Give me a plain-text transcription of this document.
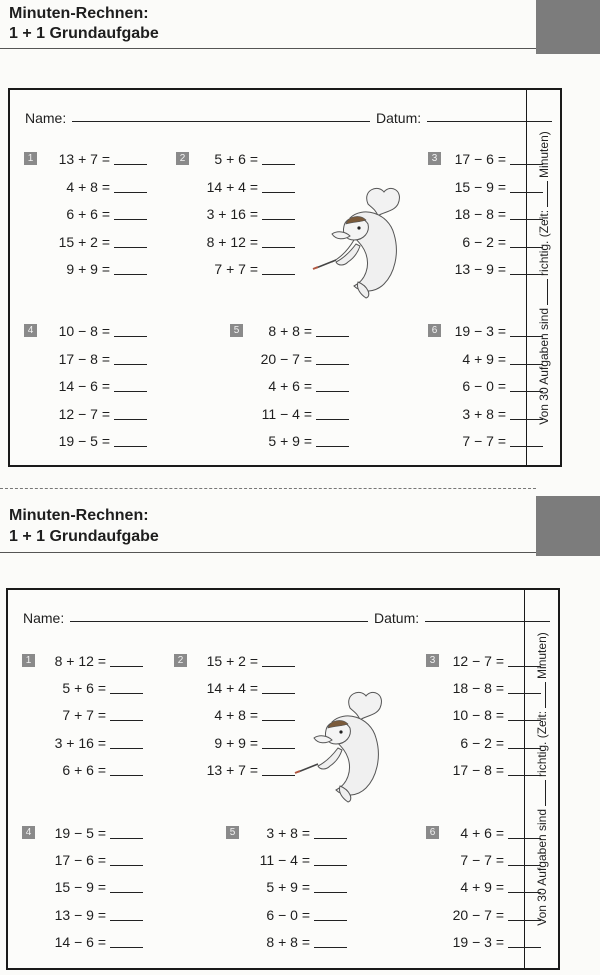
Minuten-Rechnen:
1 + 1 Grundaufgabe
Name:	Datum:
Von 30 Aufgaben sindrichtig. (Zeit:Minuten)
1	13 + 7 =
4 + 8 =
6 + 6 =
15 + 2 =
9 + 9 =
2	5 + 6 =
14 + 4 =
3 + 16 =
8 + 12 =
7 + 7 =
3	17 − 6 =
15 − 9 =
18 − 8 =
6 − 2 =
13 − 9 =
4	10 − 8 =
17 − 8 =
14 − 6 =
12 − 7 =
19 − 5 =
5	8 + 8 =
20 − 7 =
4 + 6 =
11 − 4 =
5 + 9 =
6	19 − 3 =
4 + 9 =
6 − 0 =
3 + 8 =
7 − 7 =
Minuten-Rechnen:
1 + 1 Grundaufgabe
Name:	Datum:
Von 30 Aufgaben sindrichtig. (Zeit:Minuten)
1	8 + 12 =
5 + 6 =
7 + 7 =
3 + 16 =
6 + 6 =
2	15 + 2 =
14 + 4 =
4 + 8 =
9 + 9 =
13 + 7 =
3	12 − 7 =
18 − 8 =
10 − 8 =
6 − 2 =
17 − 8 =
4	19 − 5 =
17 − 6 =
15 − 9 =
13 − 9 =
14 − 6 =
5	3 + 8 =
11 − 4 =
5 + 9 =
6 − 0 =
8 + 8 =
6	4 + 6 =
7 − 7 =
4 + 9 =
20 − 7 =
19 − 3 =
